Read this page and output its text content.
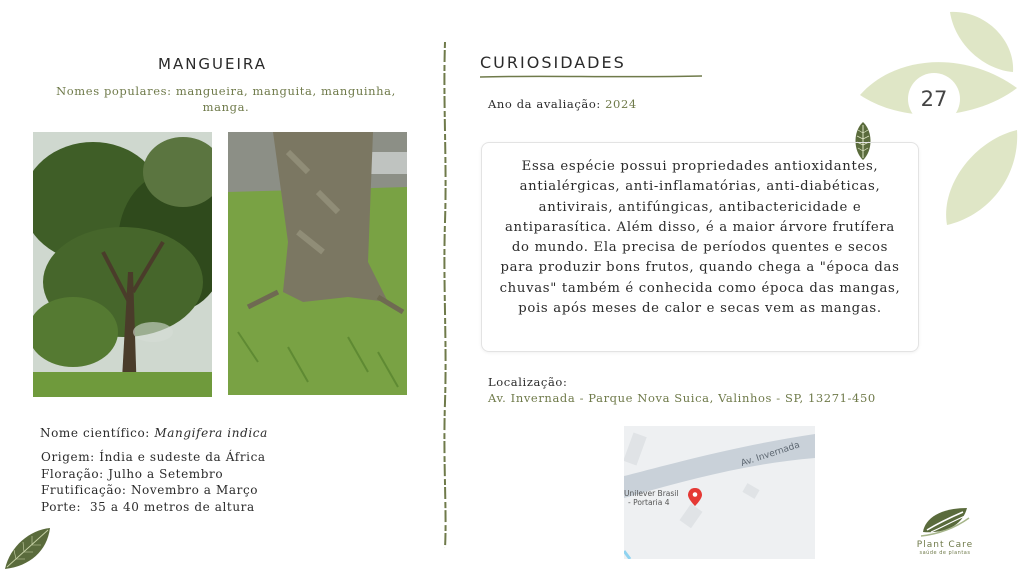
27
MANGUEIRA
Nomes populares: mangueira, manguita, manguinha, manga.
Nome científico: Mangifera indica
Origem: Índia e sudeste da África
Floração: Julho a Setembro
Frutificação: Novembro a Março
Porte:  35 a 40 metros de altura
CURIOSIDADES
Ano da avaliação: 2024
Essa espécie possui propriedades antioxidantes, antialérgicas, anti-inflamatórias, anti-diabéticas, antivirais, antifúngicas, antibactericidade e antiparasítica. Além disso, é a maior árvore frutífera do mundo. Ela precisa de períodos quentes e secos para produzir bons frutos, quando chega a "época das chuvas" também é conhecida como época das mangas, pois após meses de calor e secas vem as mangas.
Localização:
Av. Invernada - Parque Nova Suica, Valinhos - SP, 13271-450
Av. Invernada
Unilever Brasil
- Portaria 4
Plant Care
saúde de plantas
